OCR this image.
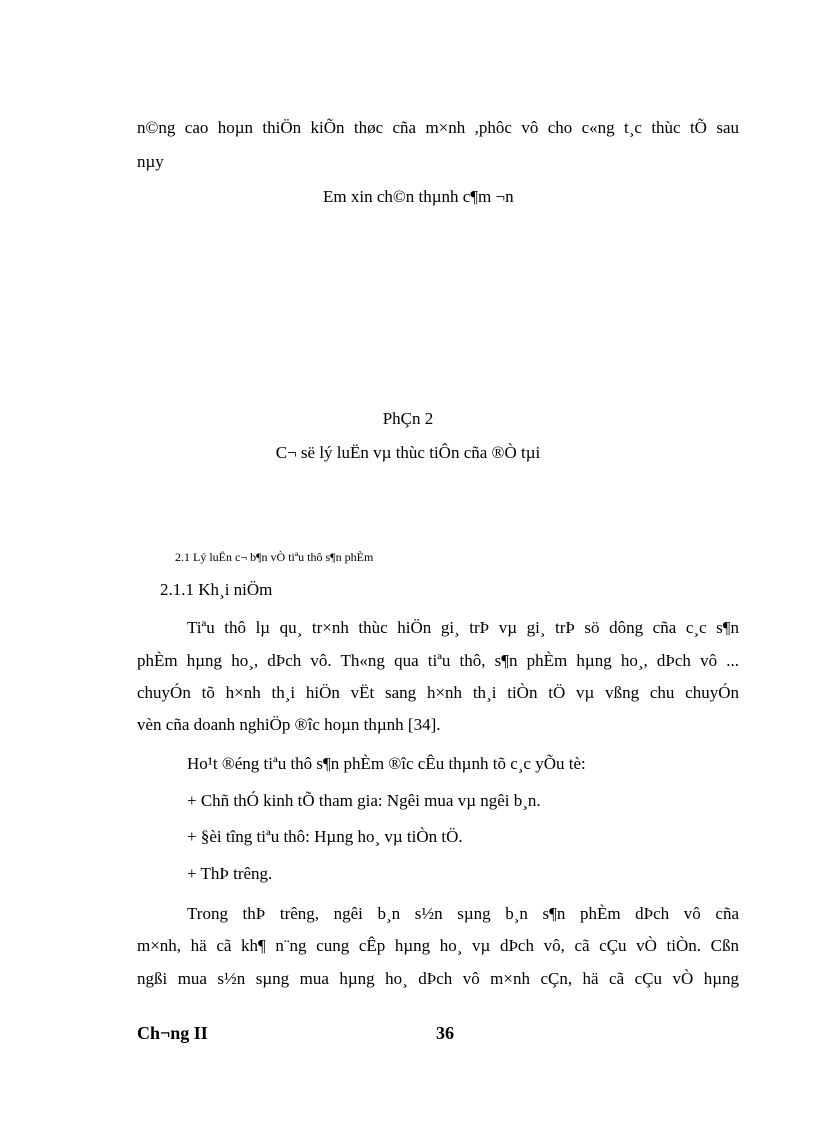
n©ng cao hoµn thiÖn kiÕn thøc cña m×nh ,phôc vô cho c«ng t¸c thùc tÕ sau
nµy
Em xin ch©n thµnh c¶m ¬n
PhÇn 2
C¬ së lý luËn vµ thùc tiÔn cña ®Ò tµi
2.1 Lý luËn c¬ b¶n vÒ tiªu thô s¶n phÈm
2.1.1 Kh¸i niÖm
Tiªu thô lµ qu¸ tr×nh thùc hiÖn gi¸ trÞ vµ gi¸ trÞ sö dông cña c¸c s¶n
phÈm hµng ho¸, dÞch vô. Th«ng qua tiªu thô, s¶n phÈm hµng ho¸, dÞch vô ...
chuyÓn tõ h×nh th¸i hiÖn vËt sang h×nh th¸i tiÒn tÖ vµ vßng chu chuyÓn
vèn cña doanh nghiÖp ®îc hoµn thµnh [34].
Ho¹t ®éng tiªu thô s¶n phÈm ®îc cÊu thµnh tõ c¸c yÕu tè:
+ Chñ thÓ kinh tÕ tham gia: Ngêi mua vµ ngêi b¸n.
+ §èi tîng tiªu thô: Hµng ho¸ vµ tiÒn tÖ.
+ ThÞ trêng.
Trong thÞ trêng, ngêi b¸n s½n sµng b¸n s¶n phÈm dÞch vô cña
m×nh, hä cã kh¶ n¨ng cung cÊp hµng ho¸ vµ dÞch vô, cã cÇu vÒ tiÒn. Cßn
ngßi mua s½n sµng mua hµng ho¸ dÞch vô m×nh cÇn, hä cã cÇu vÒ hµng
Ch¬ng II	36
